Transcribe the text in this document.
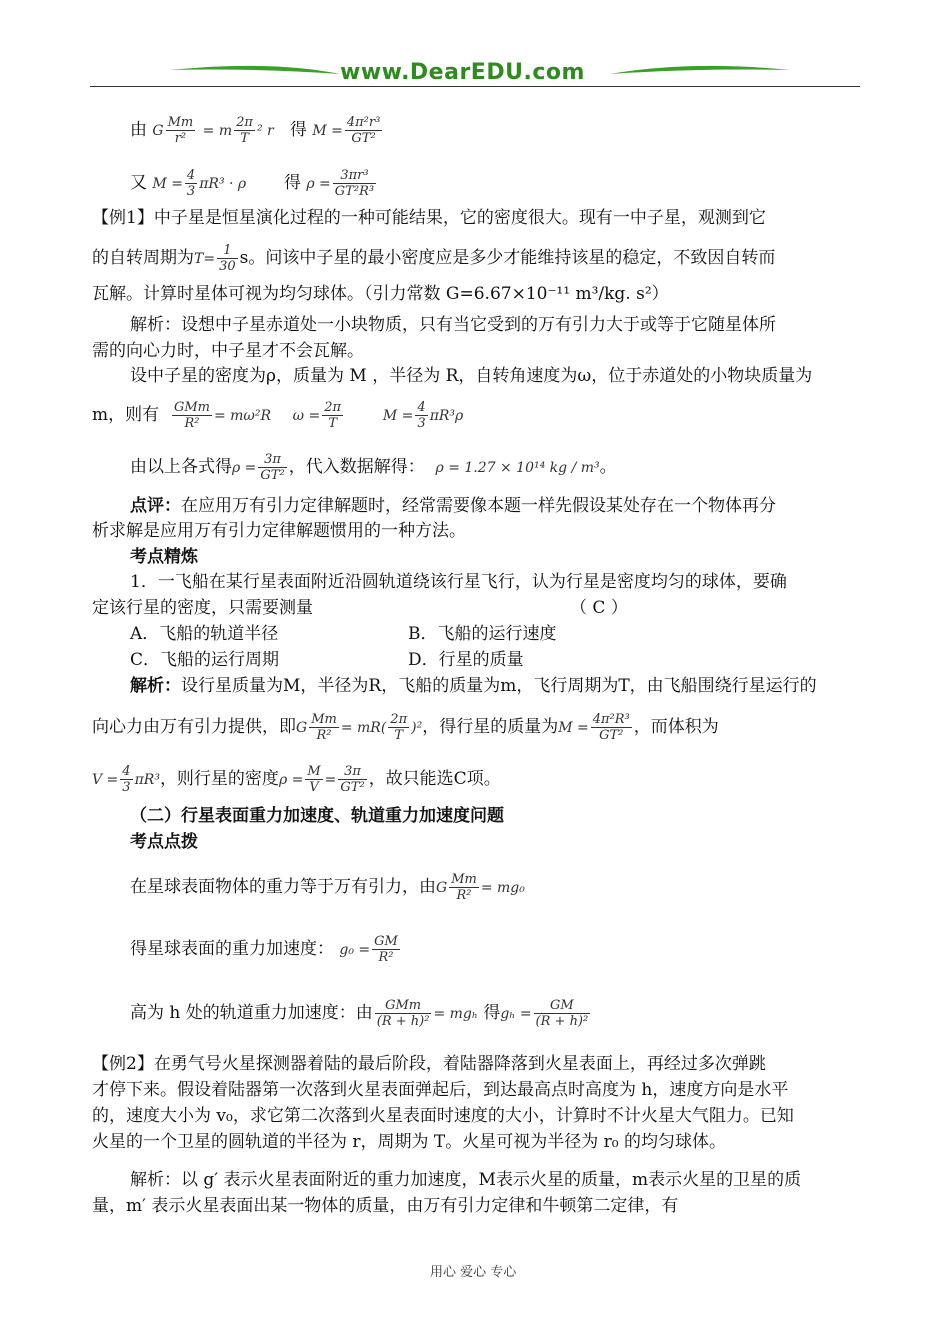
www.DearEDU.com
由 G $\frac{Mm}{\text{r²}} = m \frac{2\pi}{T} ^2$ r 得 $M = \frac{\text{4π²r³}}{\text{GT²}}$
又 $M = \frac{4}{3} \pi R^3 \cdot \rho$ 得 $\rho = \frac{\text{3πr³}}{\text{GT²R³}}$
【例1】中子星是恒星演化过程的一种可能结果，它的密度很大。现有一中子星，观测到它
的自转周期为$T= \frac{1}{30}$ s。问该中子星的最小密度应是多少才能维持该星的稳定，不致因自转而
瓦解。计算时星体可视为均匀球体。（引力常数 G=6.67×10⁻¹¹ m³/kg. s²）
解析：设想中子星赤道处一小块物质，只有当它受到的万有引力大于或等于它随星体所
需的向心力时，中子星才不会瓦解。
设中子星的密度为ρ，质量为 M ，半径为 R，自转角速度为ω，位于赤道处的小物块质量为
m，则有 GMm
R²	= mω²R $\omega = \frac{2\pi}{T}$	$M = \frac{4}{3} \pi R^3\rho$
由以上各式得$\rho = \frac{3\pi}{\text{GT²}}$ ，代入数据解得： ρ = 1.27 × 10¹⁴ kg / m³。
点评：在应用万有引力定律解题时，经常需要像本题一样先假设某处存在一个物体再分
析求解是应用万有引力定律解题惯用的一种方法。
考点精炼
1．一飞船在某行星表面附近沿圆轨道绕该行星飞行，认为行星是密度均匀的球体，要确
定该行星的密度，只需要测量	（ C ）
A．飞船的轨道半径	B．飞船的运行速度
C．飞船的运行周期	D．行星的质量
解析：设行星质量为M，半径为R，飞船的质量为m，飞行周期为T，由飞船围绕行星运行的
向心力由万有引力提供，即G $\frac{Mm}{\text{R²}} = mR( \frac{2\pi}{T} )^2$，得行星的质量为$M = \frac{\text{4π²R³}}{\text{GT²}}$ ，而体积为
$V = \frac{4}{3} \pi R^3$，则行星的密度$\rho = \frac{M}{V} = \frac{3\pi}{\text{GT²}}$ ，故只能选C项。
（二）行星表面重力加速度、轨道重力加速度问题
考点点拨
在星球表面物体的重力等于万有引力，由G $\frac{Mm}{\text{R²}} = mg_0$
得星球表面的重力加速度： $g_0 = \frac{GM}{\text{R²}}$
高为 h 处的轨道重力加速度：由 GMm
(R + h)² = mgₕ 得$g_h = \frac{GM}{\text{(R + h)²}}$
【例2】在勇气号火星探测器着陆的最后阶段，着陆器降落到火星表面上，再经过多次弹跳
才停下来。假设着陆器第一次落到火星表面弹起后，到达最高点时高度为 h，速度方向是水平
的，速度大小为 v₀，求它第二次落到火星表面时速度的大小，计算时不计火星大气阻力。已知
火星的一个卫星的圆轨道的半径为 r，周期为 T。火星可视为半径为 r₀ 的均匀球体。
解析：以 g′ 表示火星表面附近的重力加速度，M表示火星的质量，m表示火星的卫星的质
量，m′ 表示火星表面出某一物体的质量，由万有引力定律和牛顿第二定律，有
用心 爱心 专心
